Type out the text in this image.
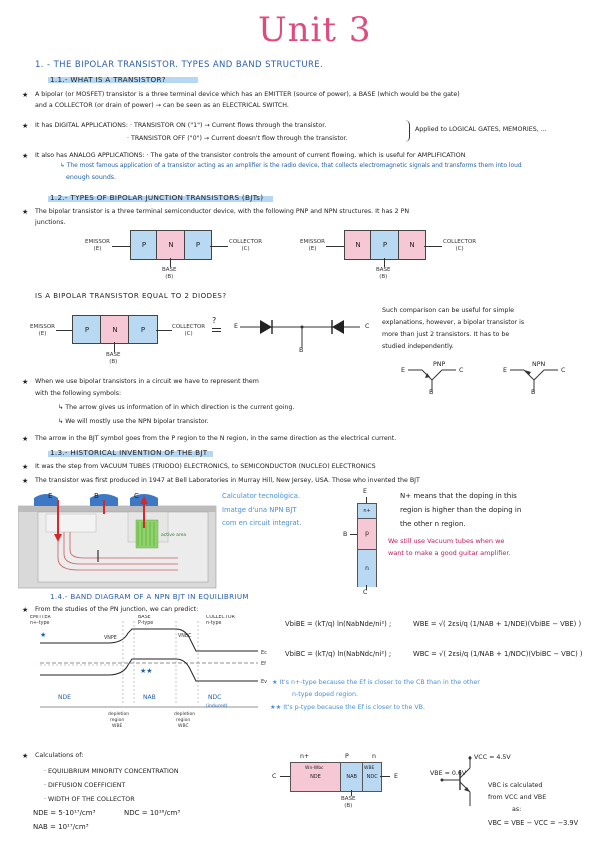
Unit 3
1. - THE BIPOLAR TRANSISTOR. TYPES AND BAND STRUCTURE.
1.1.- WHAT IS A TRANSISTOR?
★ A bipolar (or MOSFET) transistor is a three terminal device which has an EMITTER (source of power), a BASE (which would be the gate)
and a COLLECTOR (or drain of power) → can be seen as an ELECTRICAL SWITCH.
★ It has DIGITAL APPLICATIONS: · TRANSISTOR ON ("1") → Current flows through the transistor.
· TRANSISTOR OFF ("0") → Current doesn't flow through the transistor.
Applied to LOGICAL GATES, MEMORIES, ...
★ It also has ANALOG APPLICATIONS: · The gate of the transistor controls the amount of current flowing, which is useful for AMPLIFICATION
↳ The most famous application of a transistor acting as an amplifier is the radio device, that collects electromagnetic signals and transforms them into loud
enough sounds.
1.2.- TYPES OF BIPOLAR JUNCTION TRANSISTORS (BJTs)
★ The bipolar transistor is a three terminal semiconductor device, with the following PNP and NPN structures. It has 2 PN
junctions.
EMISSOR
(E)	P	N	P	COLLECTOR
(C)
BASE
(B)
EMISSOR
(E)	N	P	N	COLLECTOR
(C)
BASE
(B)
IS A BIPOLAR TRANSISTOR EQUAL TO 2 DIODES?
EMISSOR
(E)	P	N	P	COLLECTOR
(C)
BASE
(B)
?
E	C
B
Such comparison can be useful for simple
explanations, however, a bipolar transistor is
more than just 2 transistors. It has to be
studied independently.
PNP	NPN
E	C
B
E	C
B
★ When we use bipolar transistors in a circuit we have to represent them
with the following symbols:
↳ The arrow gives us information of in which direction is the current going.
↳ We will mostly use the NPN bipolar transistor.
★ The arrow in the BJT symbol goes from the P region to the N region, in the same direction as the electrical current.
1.3.- HISTORICAL INVENTION OF THE BJT
★ It was the step from VACUUM TUBES (TRIODO) ELECTRONICS, to SEMICONDUCTOR (NUCLEO) ELECTRONICS
★ The transistor was first produced in 1947 at Bell Laboratories in Murray Hill, New Jersey, USA. Those who invented the BJT
E	B	C
active area
Calculator tecnològica.
Imatge d'una NPN BJT
com en circuit integrat.
n+
p
n
E
B
C
N+ means that the doping in this
region is higher than the doping in
the other n region.
We still use Vacuum tubes when we
want to make a good guitar amplifier.
1.4.- BAND DIAGRAM OF A NPN BJT IN EQUILIBRIUM
★ From the studies of the PN junction, we can predict:
EMITTER
n+-type
BASE
P-type
COLLECTOR
n-type
VNPE	VNBC
Ec
Ef
Ev
★
★★
NDE	NAB	NDC
(induced)
depletion
region
WBE
depletion
region
WBC
VbiBE = (kT/q) ln(NabNde/ni²) ;	WBE = √( 2εsi/q (1/NAB + 1/NDE)(VbiBE − VBE) )
VbiBC = (kT/q) ln(NabNdc/ni²) ;	WBC = √( 2εsi/q (1/NAB + 1/NDC)(VbiBC − VBC) )
★ It's n+-type because the Ef is closer to the CB than in the other
n-type doped region.
★★ It's p-type because the Ef is closer to the VB.
★ Calculations of:
· EQUILIBRIUM MINORITY CONCENTRATION
· DIFFUSION COEFFICIENT
· WIDTH OF THE COLLECTOR
NDE = 5·10¹⁷/cm³	NDC = 10¹⁶/cm³
NAB = 10¹⁷/cm³
n+	P	n
NDE	NAB	NDC
C	E
Wn-Wbc	WBE
BASE
(B)
VCC = 4.5V
VBE = 0.6V
VBC is calculated
from VCC and VBE
as:
VBC = VBE − VCC = −3.9V
